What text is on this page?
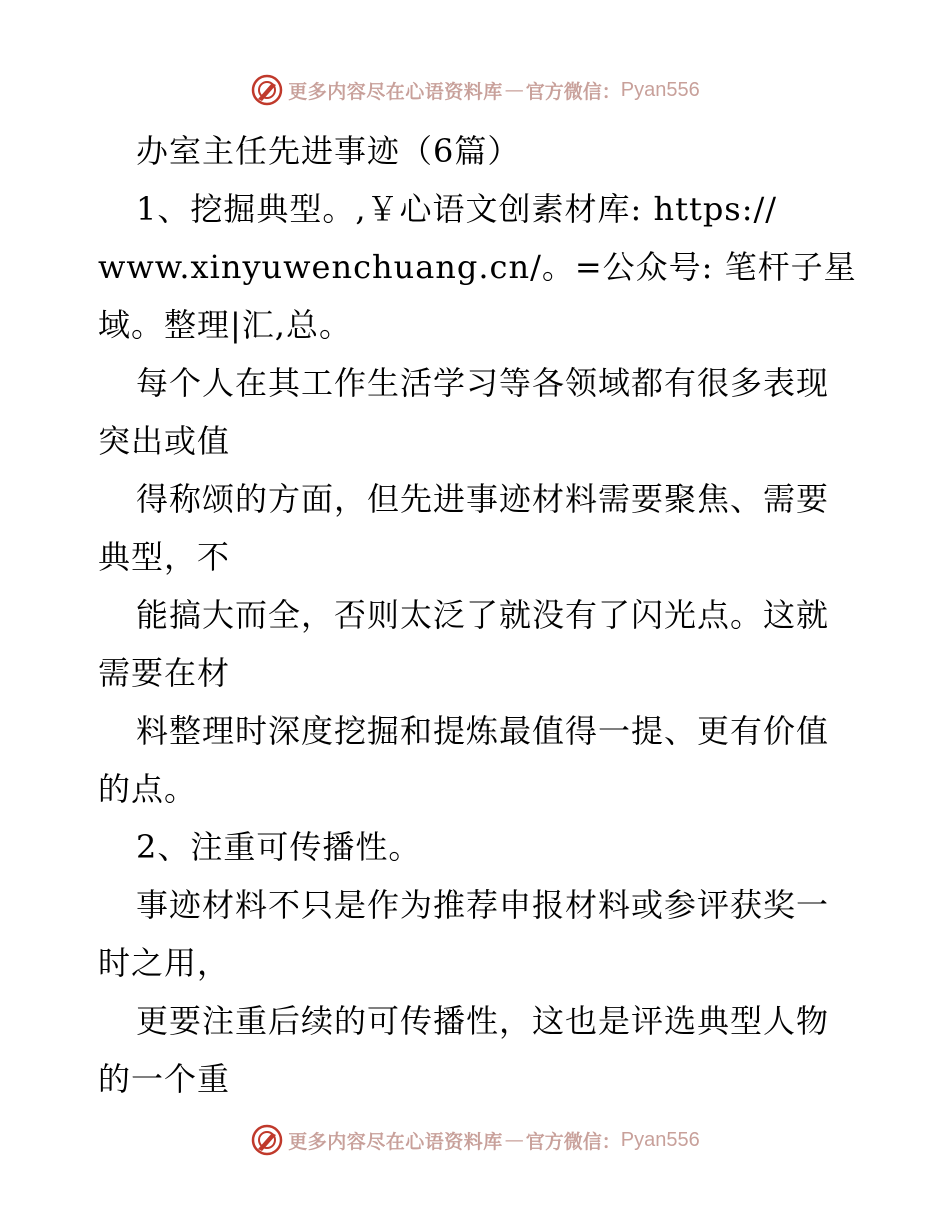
更多内容尽在心语资料库 — 官方微信： Pyan556
办室主任先进事迹（6篇）
1、挖掘典型。,￥心语文创素材库: https://
www.xinyuwenchuang.cn/。=公众号: 笔杆子星
域。整理|汇,总。
每个人在其工作生活学习等各领域都有很多表现
突出或值
得称颂的方面，但先进事迹材料需要聚焦、需要
典型，不
能搞大而全，否则太泛了就没有了闪光点。这就
需要在材
料整理时深度挖掘和提炼最值得一提、更有价值
的点。
2、注重可传播性。
事迹材料不只是作为推荐申报材料或参评获奖一
时之用，
更要注重后续的可传播性，这也是评选典型人物
的一个重
更多内容尽在心语资料库 — 官方微信： Pyan556
